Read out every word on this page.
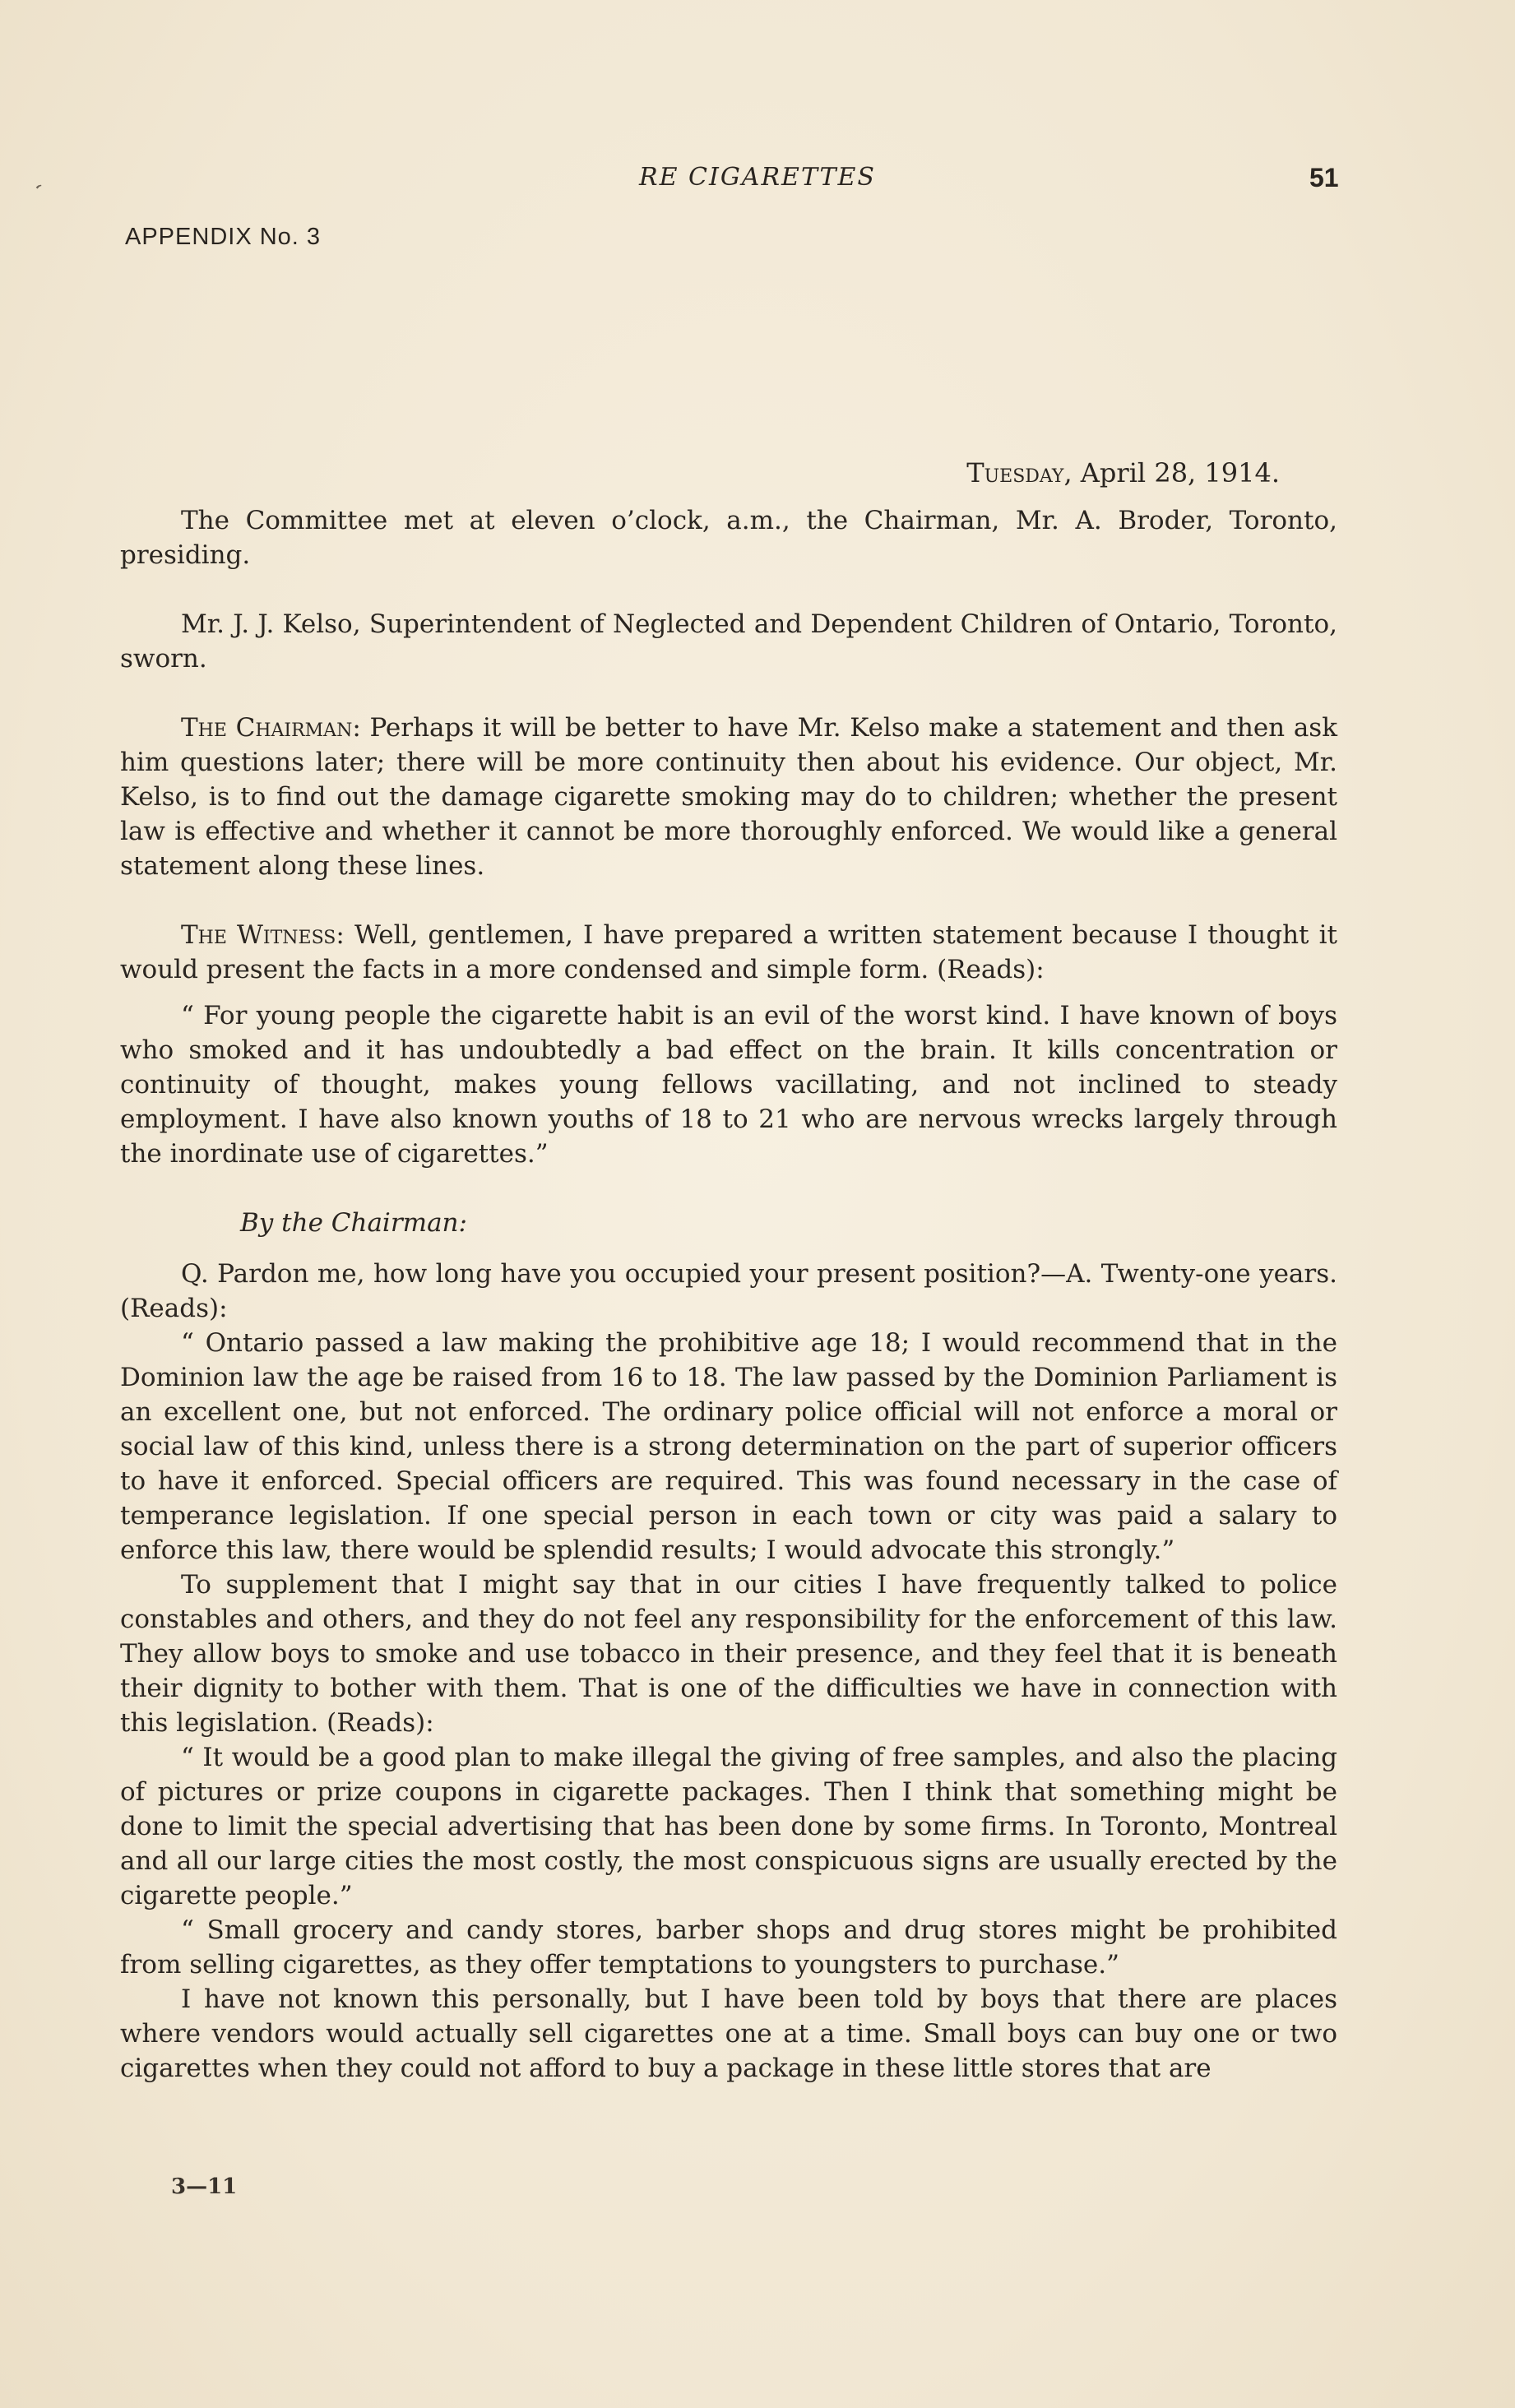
‘	RE CIGARETTES	51
APPENDIX No. 3
Tuesday, April 28, 1914.

The Committee met at eleven o’clock, a.m., the Chairman, Mr. A. Broder, Toronto, presiding.

Mr. J. J. Kelso, Superintendent of Neglected and Dependent Children of Ontario, Toronto, sworn.

The Chairman: Perhaps it will be better to have Mr. Kelso make a statement and then ask him questions later; there will be more continuity then about his evidence. Our object, Mr. Kelso, is to find out the damage cigarette smoking may do to children; whether the present law is effective and whether it cannot be more thoroughly enforced. We would like a general statement along these lines.

The Witness: Well, gentlemen, I have prepared a written statement because I thought it would present the facts in a more condensed and simple form. (Reads):

“ For young people the cigarette habit is an evil of the worst kind. I have known of boys who smoked and it has undoubtedly a bad effect on the brain. It kills concentration or continuity of thought, makes young fellows vacillating, and not inclined to steady employment. I have also known youths of 18 to 21 who are nervous wrecks largely through the inordinate use of cigarettes.”

By the Chairman:

Q. Pardon me, how long have you occupied your present position?—A. Twenty-one years. (Reads):

“ Ontario passed a law making the prohibitive age 18; I would recommend that in the Dominion law the age be raised from 16 to 18. The law passed by the Dominion Parliament is an excellent one, but not enforced. The ordinary police official will not enforce a moral or social law of this kind, unless there is a strong determination on the part of superior officers to have it enforced. Special officers are required. This was found necessary in the case of temperance legislation. If one special person in each town or city was paid a salary to enforce this law, there would be splendid results; I would advocate this strongly.”

To supplement that I might say that in our cities I have frequently talked to police constables and others, and they do not feel any responsibility for the enforcement of this law. They allow boys to smoke and use tobacco in their presence, and they feel that it is beneath their dignity to bother with them. That is one of the difficulties we have in connection with this legislation. (Reads):

“ It would be a good plan to make illegal the giving of free samples, and also the placing of pictures or prize coupons in cigarette packages. Then I think that something might be done to limit the special advertising that has been done by some firms. In Toronto, Montreal and all our large cities the most costly, the most conspicuous signs are usually erected by the cigarette people.”

“ Small grocery and candy stores, barber shops and drug stores might be prohibited from selling cigarettes, as they offer temptations to youngsters to purchase.”

I have not known this personally, but I have been told by boys that there are places where vendors would actually sell cigarettes one at a time. Small boys can buy one or two cigarettes when they could not afford to buy a package in these little stores that are

3—11
